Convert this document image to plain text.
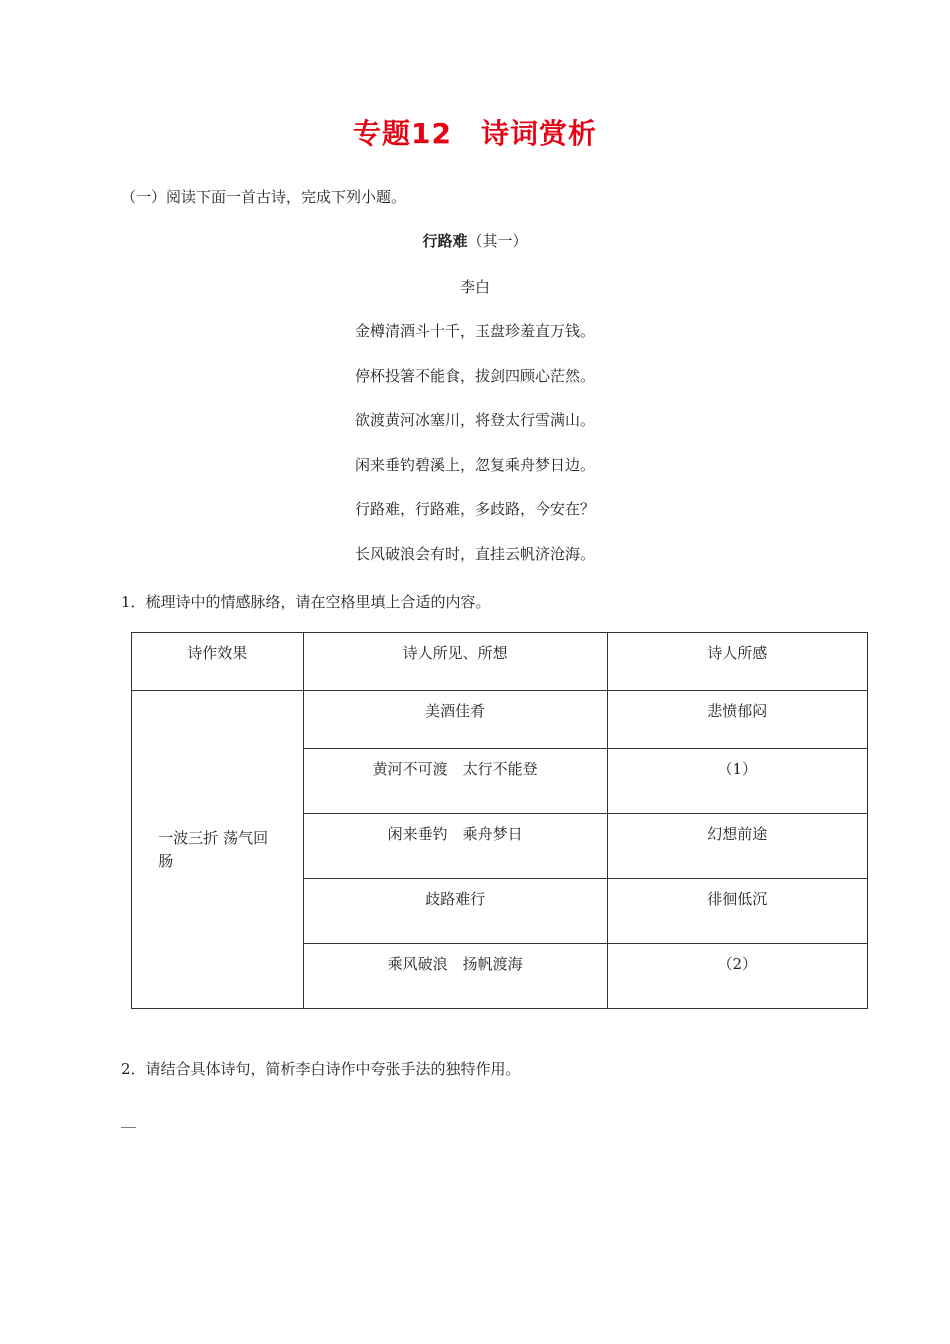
专题12　诗词赏析
（一）阅读下面一首古诗，完成下列小题。
行路难（其一）
李白
金樽清酒斗十千，玉盘珍羞直万钱。
停杯投箸不能食，拔剑四顾心茫然。
欲渡黄河冰塞川，将登太行雪满山。
闲来垂钓碧溪上，忽复乘舟梦日边。
行路难，行路难，多歧路，今安在？
长风破浪会有时，直挂云帆济沧海。
1．梳理诗中的情感脉络，请在空格里填上合适的内容。
诗作效果	诗人所见、所想	诗人所感

一波三折 荡气回肠	美酒佳肴	悲愤郁闷

	黄河不可渡　太行不能登	（1）

	闲来垂钓　乘舟梦日	幻想前途

	歧路难行	徘徊低沉

	乘风破浪　扬帆渡海	（2）
2．请结合具体诗句，简析李白诗作中夸张手法的独特作用。
__
